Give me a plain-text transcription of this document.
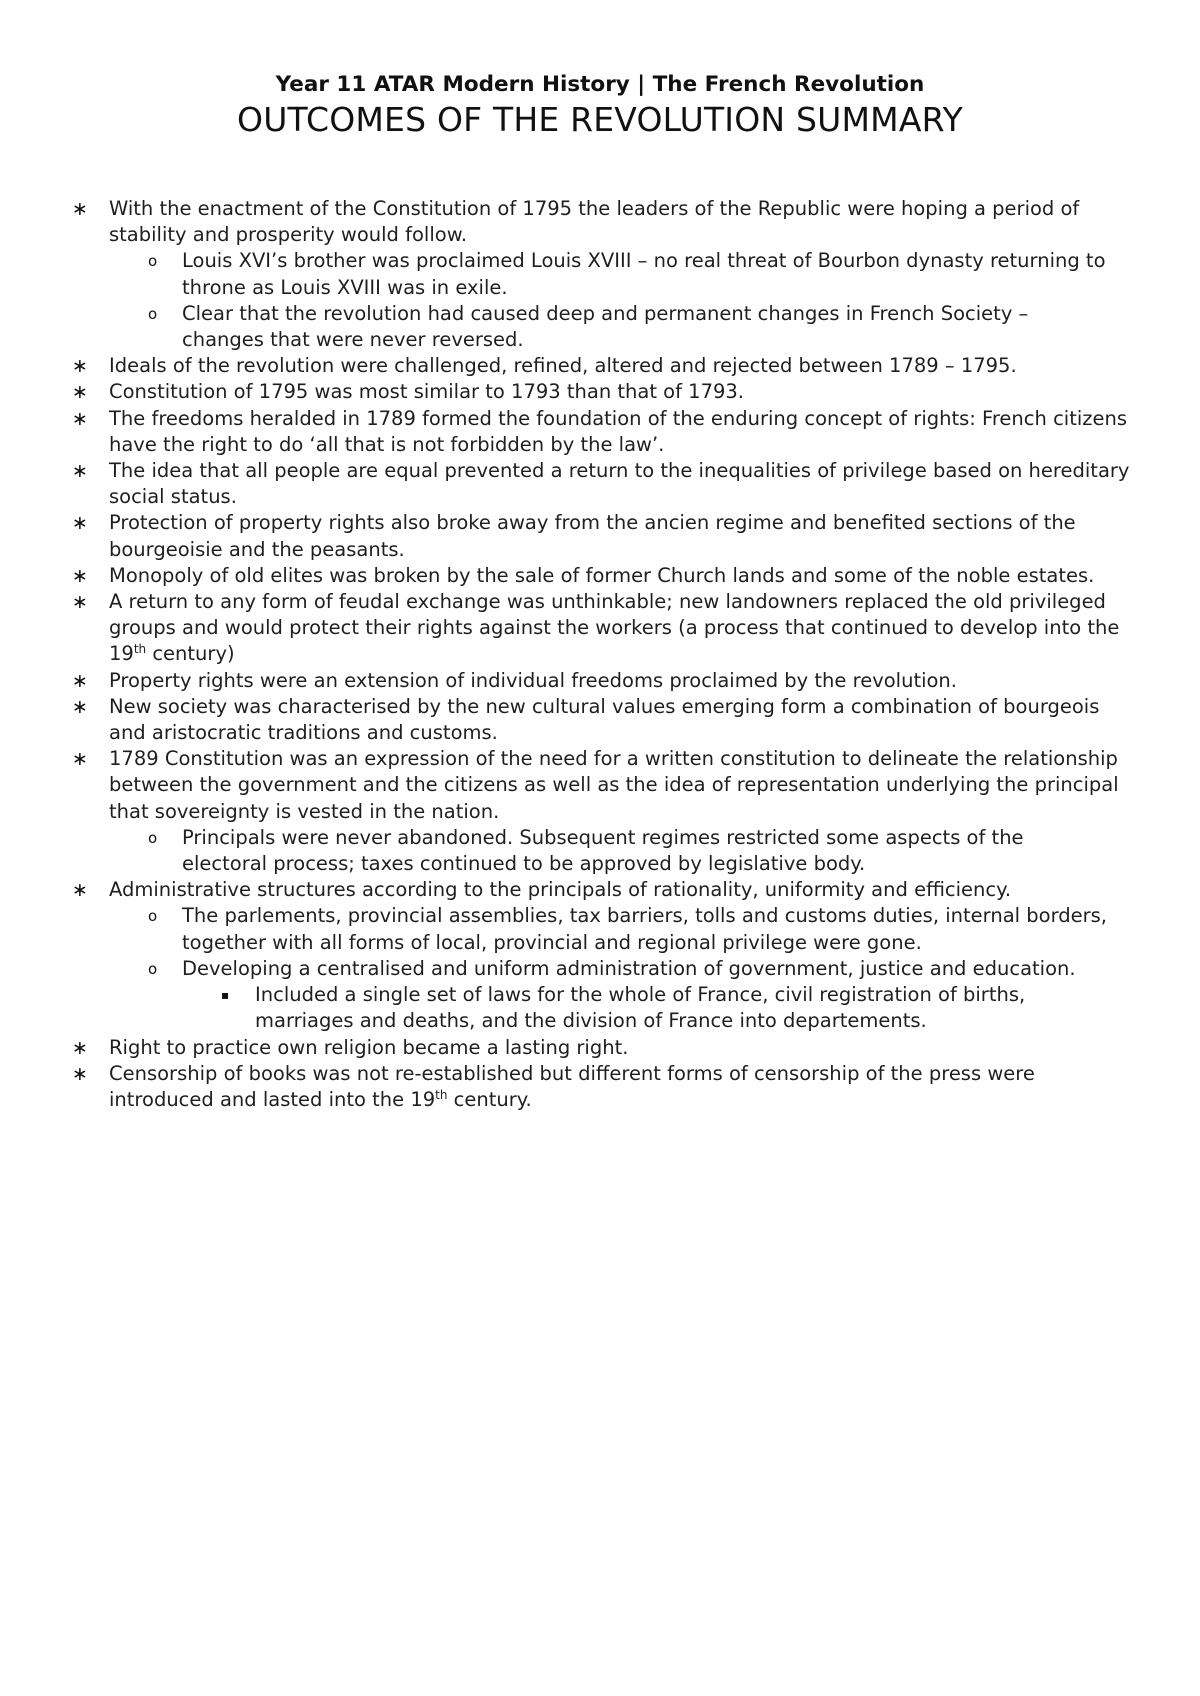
Year 11 ATAR Modern History | The French Revolution
OUTCOMES OF THE REVOLUTION SUMMARY
∗ With the enactment of the Constitution of 1795 the leaders of the Republic were hoping a period of stability and prosperity would follow.
o Louis XVI’s brother was proclaimed Louis XVIII – no real threat of Bourbon dynasty returning to throne as Louis XVIII was in exile.
o Clear that the revolution had caused deep and permanent changes in French Society – changes that were never reversed.
∗ Ideals of the revolution were challenged, refined, altered and rejected between 1789 – 1795.
∗ Constitution of 1795 was most similar to 1793 than that of 1793.
∗ The freedoms heralded in 1789 formed the foundation of the enduring concept of rights: French citizens have the right to do ‘all that is not forbidden by the law’.
∗ The idea that all people are equal prevented a return to the inequalities of privilege based on hereditary social status.
∗ Protection of property rights also broke away from the ancien regime and benefited sections of the bourgeoisie and the peasants.
∗ Monopoly of old elites was broken by the sale of former Church lands and some of the noble estates.
∗ A return to any form of feudal exchange was unthinkable; new landowners replaced the old privileged groups and would protect their rights against the workers (a process that continued to develop into the 19th century)
∗ Property rights were an extension of individual freedoms proclaimed by the revolution.
∗ New society was characterised by the new cultural values emerging form a combination of bourgeois and aristocratic traditions and customs.
∗ 1789 Constitution was an expression of the need for a written constitution to delineate the relationship between the government and the citizens as well as the idea of representation underlying the principal that sovereignty is vested in the nation.
o Principals were never abandoned. Subsequent regimes restricted some aspects of the electoral process; taxes continued to be approved by legislative body.
∗ Administrative structures according to the principals of rationality, uniformity and efficiency.
o The parlements, provincial assemblies, tax barriers, tolls and customs duties, internal borders, together with all forms of local, provincial and regional privilege were gone.
o Developing a centralised and uniform administration of government, justice and education.
▪ Included a single set of laws for the whole of France, civil registration of births, marriages and deaths, and the division of France into departements.
∗ Right to practice own religion became a lasting right.
∗ Censorship of books was not re-established but different forms of censorship of the press were introduced and lasted into the 19th century.
